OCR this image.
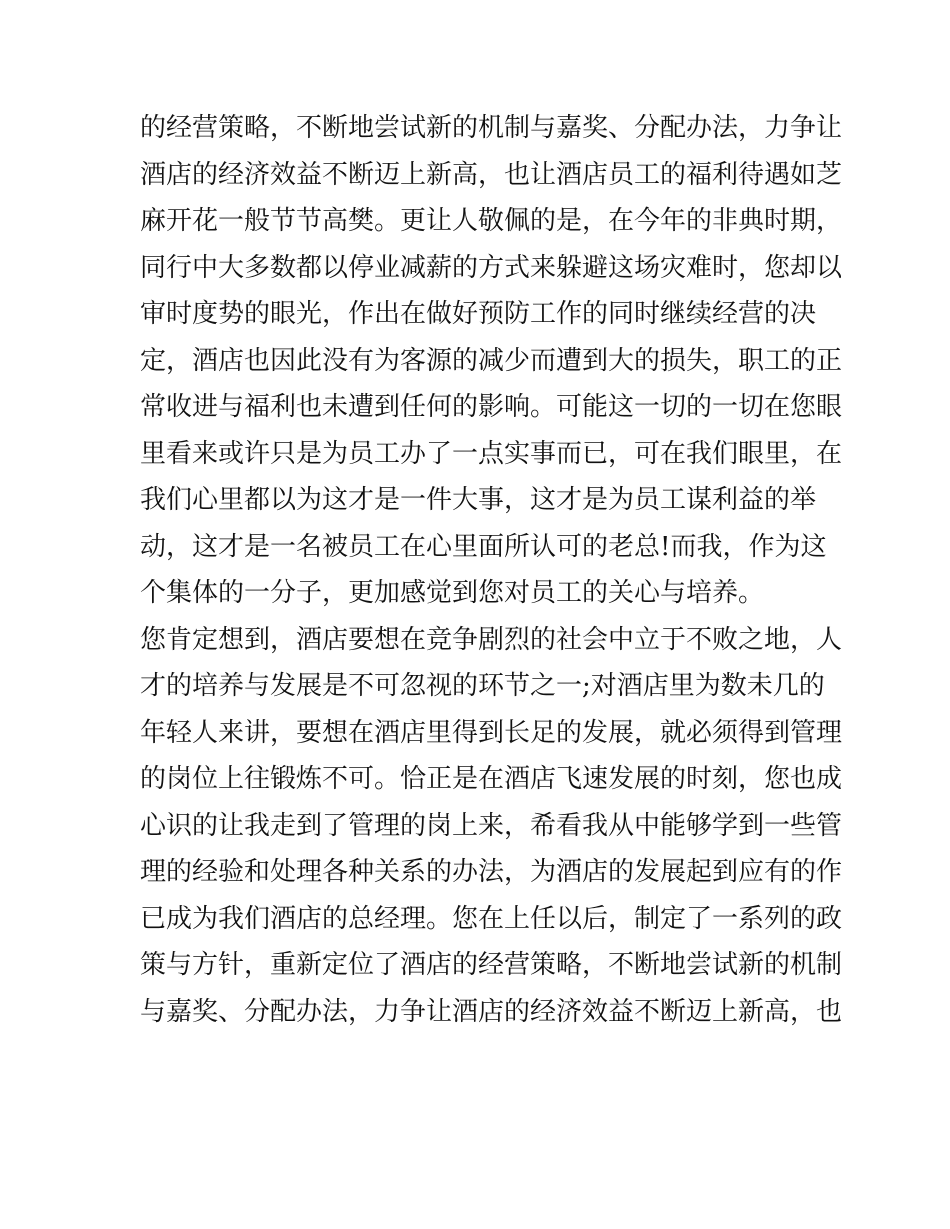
的经营策略，不断地尝试新的机制与嘉奖、分配办法，力争让
酒店的经济效益不断迈上新高，也让酒店员工的福利待遇如芝
麻开花一般节节高樊。更让人敬佩的是，在今年的非典时期，
同行中大多数都以停业减薪的方式来躲避这场灾难时，您却以
审时度势的眼光，作出在做好预防工作的同时继续经营的决
定，酒店也因此没有为客源的减少而遭到大的损失，职工的正
常收进与福利也未遭到任何的影响。可能这一切的一切在您眼
里看来或许只是为员工办了一点实事而已，可在我们眼里，在
我们心里都以为这才是一件大事，这才是为员工谋利益的举
动，这才是一名被员工在心里面所认可的老总!而我，作为这
个集体的一分子，更加感觉到您对员工的关心与培养。
您肯定想到，酒店要想在竞争剧烈的社会中立于不败之地，人
才的培养与发展是不可忽视的环节之一;对酒店里为数未几的
年轻人来讲，要想在酒店里得到长足的发展，就必须得到管理
的岗位上往锻炼不可。恰正是在酒店飞速发展的时刻，您也成
心识的让我走到了管理的岗上来，希看我从中能够学到一些管
理的经验和处理各种关系的办法，为酒店的发展起到应有的作
已成为我们酒店的总经理。您在上任以后，制定了一系列的政
策与方针，重新定位了酒店的经营策略，不断地尝试新的机制
与嘉奖、分配办法，力争让酒店的经济效益不断迈上新高，也
